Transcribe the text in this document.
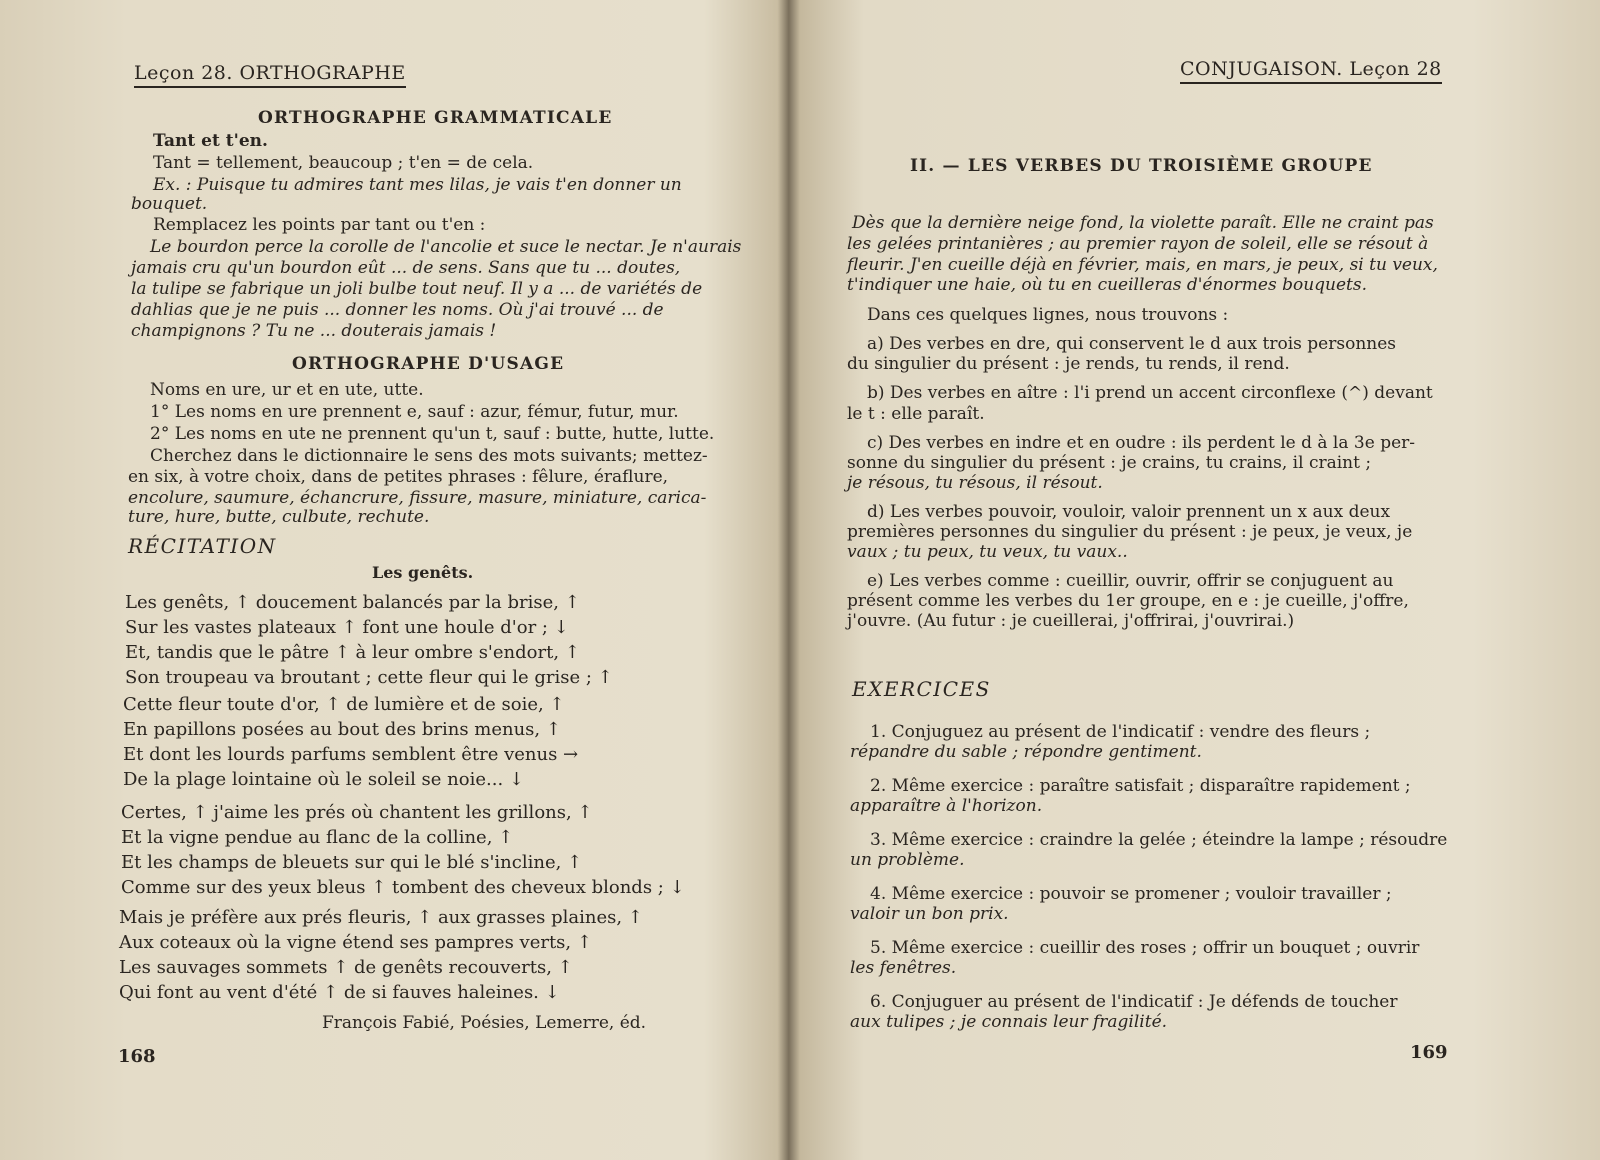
Leçon 28. ORTHOGRAPHE
ORTHOGRAPHE GRAMMATICALE
Tant et t'en.
Tant = tellement, beaucoup ; t'en = de cela.
Ex. : Puisque tu admires tant mes lilas, je vais t'en donner un
bouquet.
Remplacez les points par tant ou t'en :
Le bourdon perce la corolle de l'ancolie et suce le nectar. Je n'aurais
jamais cru qu'un bourdon eût ... de sens. Sans que tu ... doutes,
la tulipe se fabrique un joli bulbe tout neuf. Il y a ... de variétés de
dahlias que je ne puis ... donner les noms. Où j'ai trouvé ... de
champignons ? Tu ne ... douterais jamais !
ORTHOGRAPHE D'USAGE
Noms en ure, ur et en ute, utte.
1° Les noms en ure prennent e, sauf : azur, fémur, futur, mur.
2° Les noms en ute ne prennent qu'un t, sauf : butte, hutte, lutte.
Cherchez dans le dictionnaire le sens des mots suivants; mettez-
en six, à votre choix, dans de petites phrases : fêlure, éraflure,
encolure, saumure, échancrure, fissure, masure, miniature, carica-
ture, hure, butte, culbute, rechute.
RÉCITATION
Les genêts.
Les genêts, ↑ doucement balancés par la brise, ↑
Sur les vastes plateaux ↑ font une houle d'or ; ↓
Et, tandis que le pâtre ↑ à leur ombre s'endort, ↑
Son troupeau va broutant ; cette fleur qui le grise ; ↑
Cette fleur toute d'or, ↑ de lumière et de soie, ↑
En papillons posées au bout des brins menus, ↑
Et dont les lourds parfums semblent être venus →
De la plage lointaine où le soleil se noie... ↓
Certes, ↑ j'aime les prés où chantent les grillons, ↑
Et la vigne pendue au flanc de la colline, ↑
Et les champs de bleuets sur qui le blé s'incline, ↑
Comme sur des yeux bleus ↑ tombent des cheveux blonds ; ↓
Mais je préfère aux prés fleuris, ↑ aux grasses plaines, ↑
Aux coteaux où la vigne étend ses pampres verts, ↑
Les sauvages sommets ↑ de genêts recouverts, ↑
Qui font au vent d'été ↑ de si fauves haleines. ↓
François Fabié, Poésies, Lemerre, éd.
168
CONJUGAISON. Leçon 28
II. — LES VERBES DU TROISIÈME GROUPE
Dès que la dernière neige fond, la violette paraît. Elle ne craint pas
les gelées printanières ; au premier rayon de soleil, elle se résout à
fleurir. J'en cueille déjà en février, mais, en mars, je peux, si tu veux,
t'indiquer une haie, où tu en cueilleras d'énormes bouquets.
Dans ces quelques lignes, nous trouvons :
a) Des verbes en dre, qui conservent le d aux trois personnes
du singulier du présent : je rends, tu rends, il rend.
b) Des verbes en aître : l'i prend un accent circonflexe (^) devant
le t : elle paraît.
c) Des verbes en indre et en oudre : ils perdent le d à la 3e per-
sonne du singulier du présent : je crains, tu crains, il craint ;
je résous, tu résous, il résout.
d) Les verbes pouvoir, vouloir, valoir prennent un x aux deux
premières personnes du singulier du présent : je peux, je veux, je
vaux ; tu peux, tu veux, tu vaux..
e) Les verbes comme : cueillir, ouvrir, offrir se conjuguent au
présent comme les verbes du 1er groupe, en e : je cueille, j'offre,
j'ouvre. (Au futur : je cueillerai, j'offrirai, j'ouvrirai.)
EXERCICES
1. Conjuguez au présent de l'indicatif : vendre des fleurs ;
répandre du sable ; répondre gentiment.
2. Même exercice : paraître satisfait ; disparaître rapidement ;
apparaître à l'horizon.
3. Même exercice : craindre la gelée ; éteindre la lampe ; résoudre
un problème.
4. Même exercice : pouvoir se promener ; vouloir travailler ;
valoir un bon prix.
5. Même exercice : cueillir des roses ; offrir un bouquet ; ouvrir
les fenêtres.
6. Conjuguer au présent de l'indicatif : Je défends de toucher
aux tulipes ; je connais leur fragilité.
169
